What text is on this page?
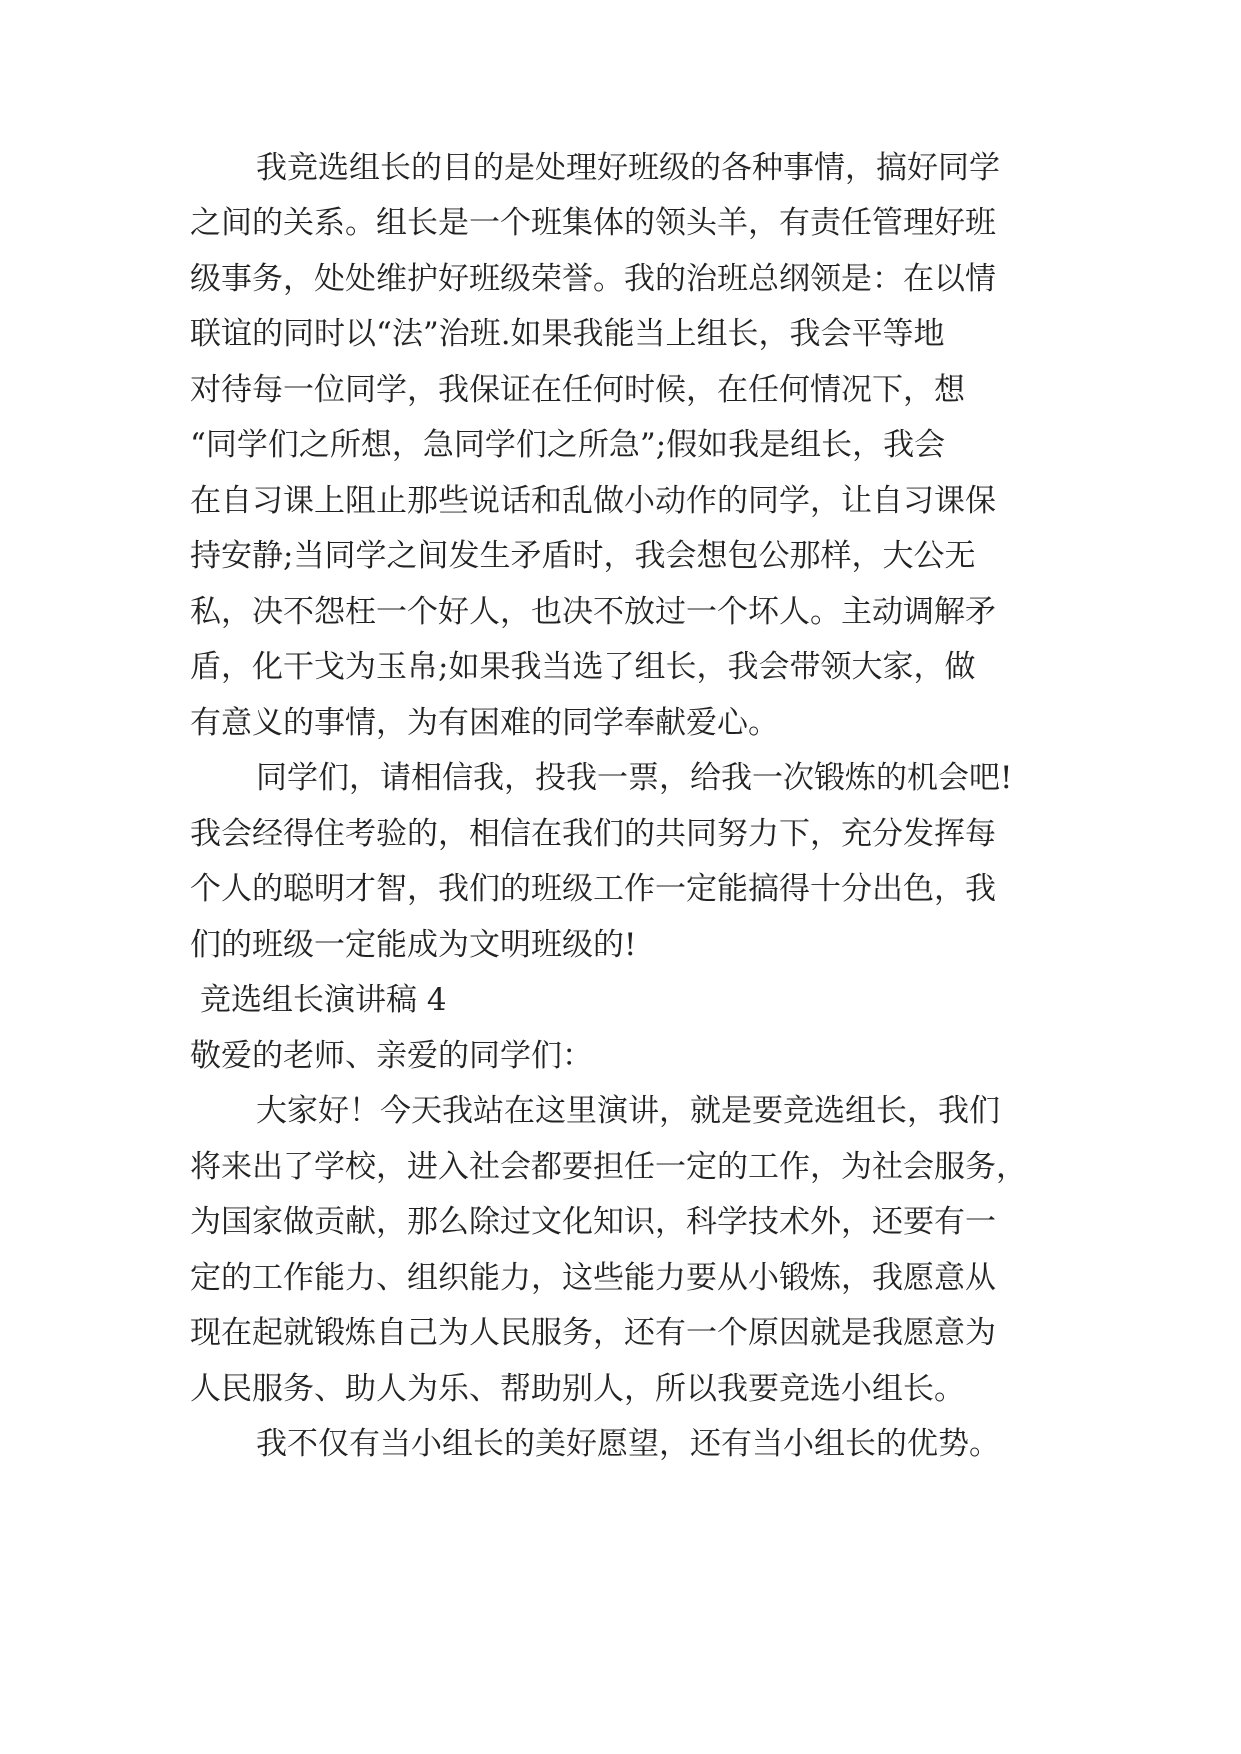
我竞选组长的目的是处理好班级的各种事情，搞好同学
之间的关系。组长是一个班集体的领头羊，有责任管理好班
级事务，处处维护好班级荣誉。我的治班总纲领是：在以情
联谊的同时以“法”治班.如果我能当上组长，我会平等地
对待每一位同学，我保证在任何时候，在任何情况下，想
“同学们之所想，急同学们之所急”;假如我是组长，我会
在自习课上阻止那些说话和乱做小动作的同学，让自习课保
持安静;当同学之间发生矛盾时，我会想包公那样，大公无
私，决不怨枉一个好人，也决不放过一个坏人。主动调解矛
盾，化干戈为玉帛;如果我当选了组长，我会带领大家，做
有意义的事情，为有困难的同学奉献爱心。
同学们，请相信我，投我一票，给我一次锻炼的机会吧!
我会经得住考验的，相信在我们的共同努力下，充分发挥每
个人的聪明才智，我们的班级工作一定能搞得十分出色，我
们的班级一定能成为文明班级的!
竞选组长演讲稿 4
敬爱的老师、亲爱的同学们：
大家好！今天我站在这里演讲，就是要竞选组长，我们
将来出了学校，进入社会都要担任一定的工作，为社会服务，
为国家做贡献，那么除过文化知识，科学技术外，还要有一
定的工作能力、组织能力，这些能力要从小锻炼，我愿意从
现在起就锻炼自己为人民服务，还有一个原因就是我愿意为
人民服务、助人为乐、帮助别人，所以我要竞选小组长。
我不仅有当小组长的美好愿望，还有当小组长的优势。
